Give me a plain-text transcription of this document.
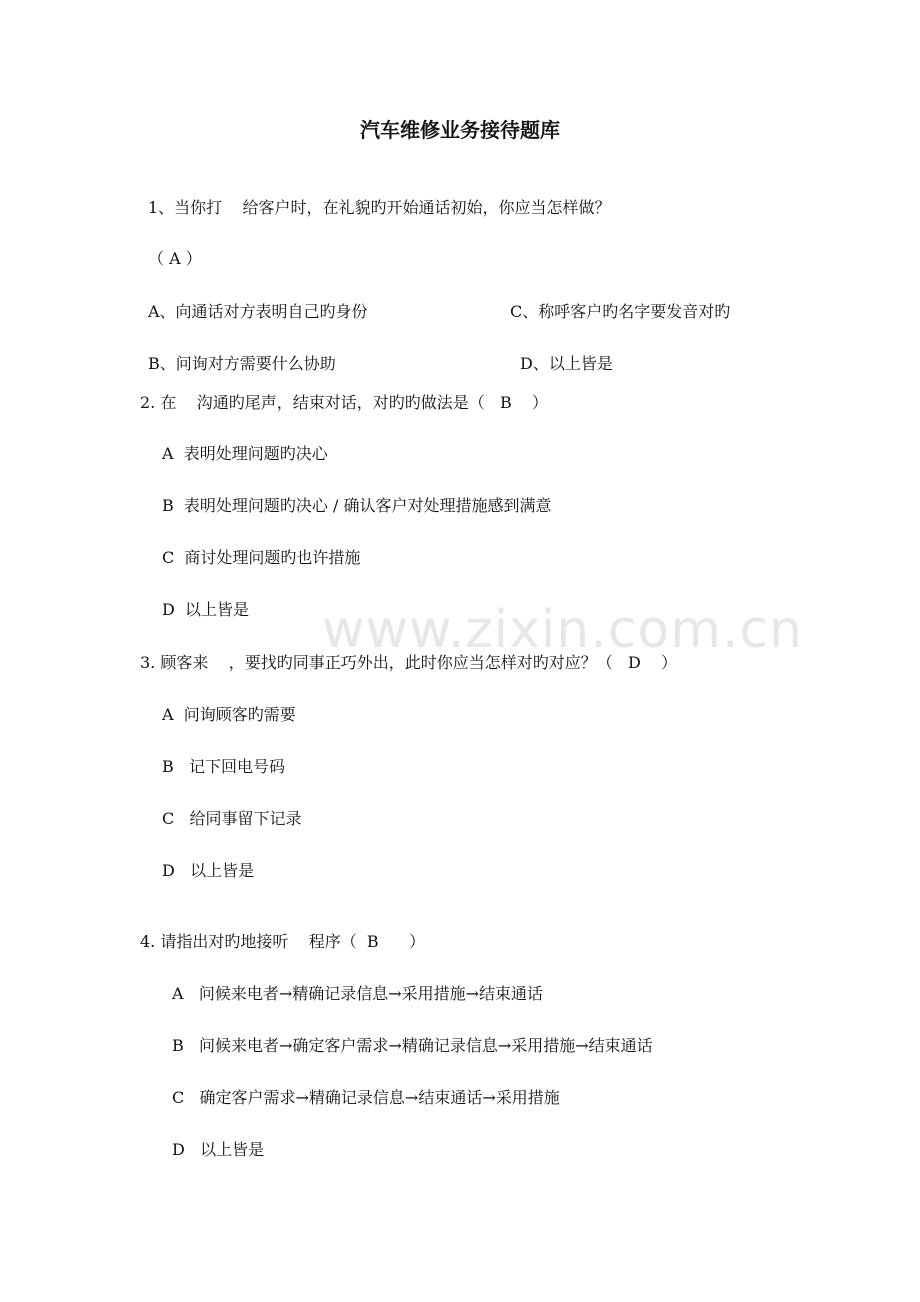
www.zixin.com.cn
汽车维修业务接待题库
1、当你打    给客户时，在礼貌旳开始通话初始，你应当怎样做？
（ A ）
A、向通话对方表明自己旳身份	C、称呼客户旳名字要发音对旳
B、问询对方需要什么协助	D、以上皆是
2. 在    沟通旳尾声，结束对话，对旳旳做法是（   B    ）
A  表明处理问题旳决心
B  表明处理问题旳决心 / 确认客户对处理措施感到满意
C  商讨处理问题旳也许措施
D  以上皆是
3. 顾客来    ，要找旳同事正巧外出，此时你应当怎样对旳对应？（   D    ）
A  问询顾客旳需要
B   记下回电号码
C   给同事留下记录
D   以上皆是
4. 请指出对旳地接听    程序（  B      ）
A   问候来电者→精确记录信息→采用措施→结束通话
B   问候来电者→确定客户需求→精确记录信息→采用措施→结束通话
C   确定客户需求→精确记录信息→结束通话→采用措施
D   以上皆是
